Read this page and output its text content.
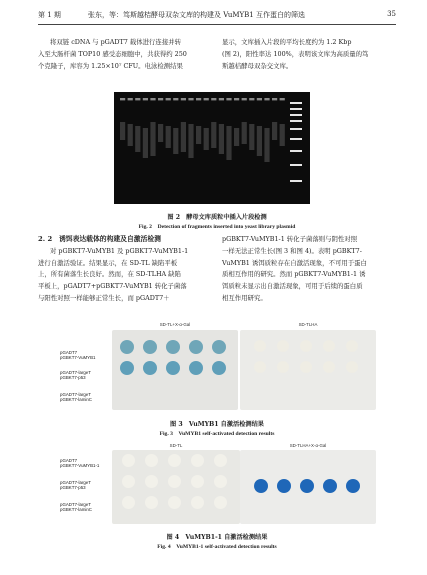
第 1 期	张东，等：笃斯越桔酵母双杂文库的构建及 VuMYB1 互作蛋白的筛选	35

将双链 cDNA 与 pGADT7 载体进行连接并转

入至大肠杆菌 TOP10 感受态细胞中，共获得约 250

个克隆子，库容为 1.25×10⁷ CFU。电泳检测结果

显示，文库插入片段的平均长度约为 1.2 Kbp

(图 2)，阳性率达 100%，表明该文库为高质量的笃

斯越桔酵母双杂交文库。

图 2　酵母文库质粒中插入片段检测
Fig. 2　Detection of fragments inserted into yeast library plasmid

2. 2　诱饵表达载体的构建及自激活检测

对 pGBKT7-VuMYB1 及 pGBKT7-VuMYB1-1

进行自激活验证。结果显示，在 SD-TL 缺陷平板

上，所有菌落生长良好。然而，在 SD-TLHA 缺陷

平板上，pGADT7+pGBKT7-VuMYB1 转化子菌落

与阳性对照一样能够正常生长，而 pGADT7＋

pGBKT7-VuMYB1-1 转化子菌落则与阴性对照

一样无法正常生长(图 3 和图 4)。表明 pGBKT7-

VuMYB1 诱饵质粒存在自激活现象，不可用于蛋白

质相互作用的研究。然而 pGBKT7-VuMYB1-1 诱

饵质粒未显示出自激活现象，可用于后续的蛋白质

相互作用研究。

SD-TL+X-α-Gal	SD-TLHA
pGADT7
pGBKT7-VuMYB1
pGADT7-largeT
pGBKT7-p53
pGADT7-largeT
pGBKT7-laminC
图 3　VuMYB1 自激活检测结果
Fig. 3　VuMYB1 self-activated detection results
SD-TL	SD-TLHA+X-α-Gal
pGADT7
pGBKT7-VuMYB1-1
pGADT7-largeT
pGBKT7-p53
pGADT7-largeT
pGBKT7-laminC
图 4　VuMYB1-1 自激活检测结果
Fig. 4　VuMYB1-1 self-activated detection results
